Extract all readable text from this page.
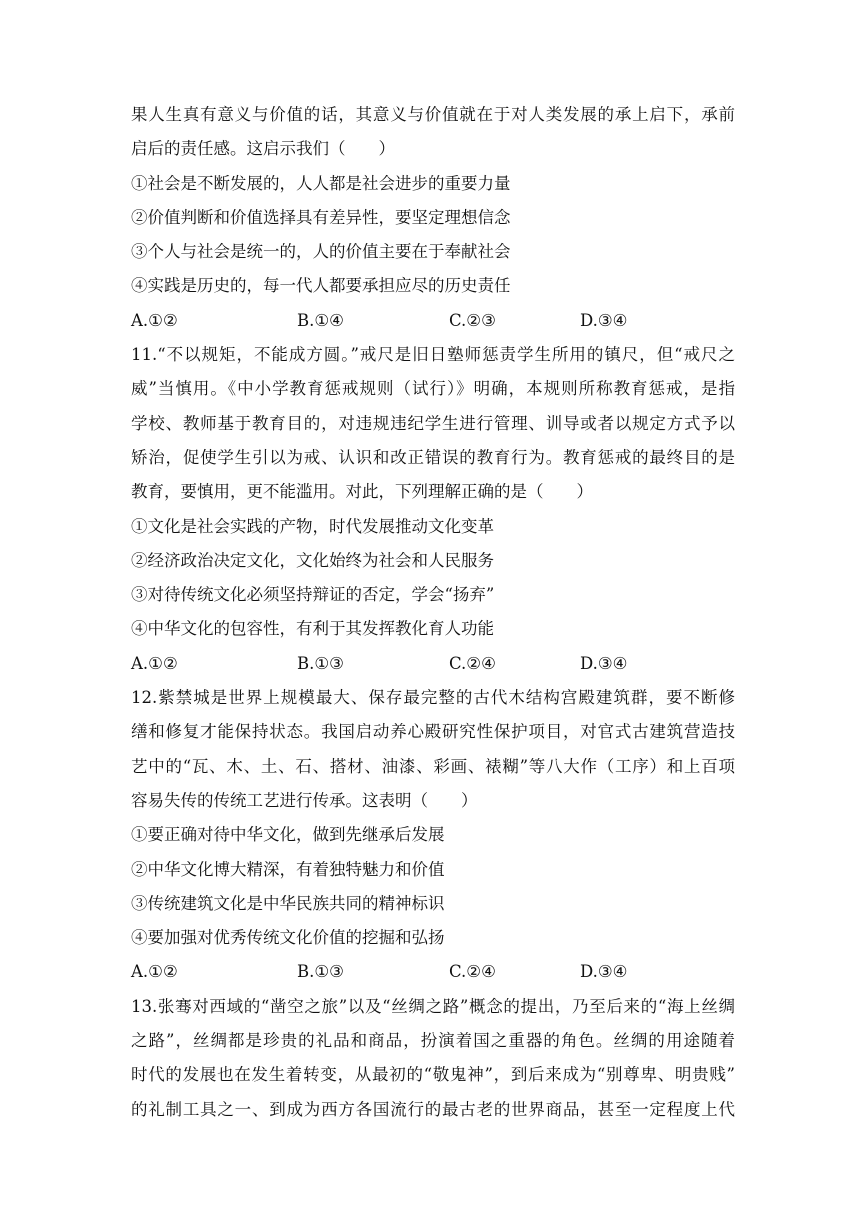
果人生真有意义与价值的话，其意义与价值就在于对人类发展的承上启下，承前
启后的责任感。这启示我们（　　）
①社会是不断发展的，人人都是社会进步的重要力量
②价值判断和价值选择具有差异性，要坚定理想信念
③个人与社会是统一的，人的价值主要在于奉献社会
④实践是历史的，每一代人都要承担应尽的历史责任
A.①②	B.①④	C.②③	D.③④
11.“不以规矩，不能成方圆。”戒尺是旧日塾师惩责学生所用的镇尺，但“戒尺之
威”当慎用。《中小学教育惩戒规则（试行）》明确，本规则所称教育惩戒，是指
学校、教师基于教育目的，对违规违纪学生进行管理、训导或者以规定方式予以
矫治，促使学生引以为戒、认识和改正错误的教育行为。教育惩戒的最终目的是
教育，要慎用，更不能滥用。对此，下列理解正确的是（　　）
①文化是社会实践的产物，时代发展推动文化变革
②经济政治决定文化，文化始终为社会和人民服务
③对待传统文化必须坚持辩证的否定，学会“扬弃”
④中华文化的包容性，有利于其发挥教化育人功能
A.①②	B.①③	C.②④	D.③④
12.紫禁城是世界上规模最大、保存最完整的古代木结构宫殿建筑群，要不断修
缮和修复才能保持状态。我国启动养心殿研究性保护项目，对官式古建筑营造技
艺中的“瓦、木、土、石、搭材、油漆、彩画、裱糊”等八大作（工序）和上百项
容易失传的传统工艺进行传承。这表明（　　）
①要正确对待中华文化，做到先继承后发展
②中华文化博大精深，有着独特魅力和价值
③传统建筑文化是中华民族共同的精神标识
④要加强对优秀传统文化价值的挖掘和弘扬
A.①②	B.①③	C.②④	D.③④
13.张骞对西域的“凿空之旅”以及“丝绸之路”概念的提出，乃至后来的“海上丝绸
之路”，丝绸都是珍贵的礼品和商品，扮演着国之重器的角色。丝绸的用途随着
时代的发展也在发生着转变，从最初的“敬鬼神”，到后来成为“别尊卑、明贵贱”
的礼制工具之一、到成为西方各国流行的最古老的世界商品，甚至一定程度上代
